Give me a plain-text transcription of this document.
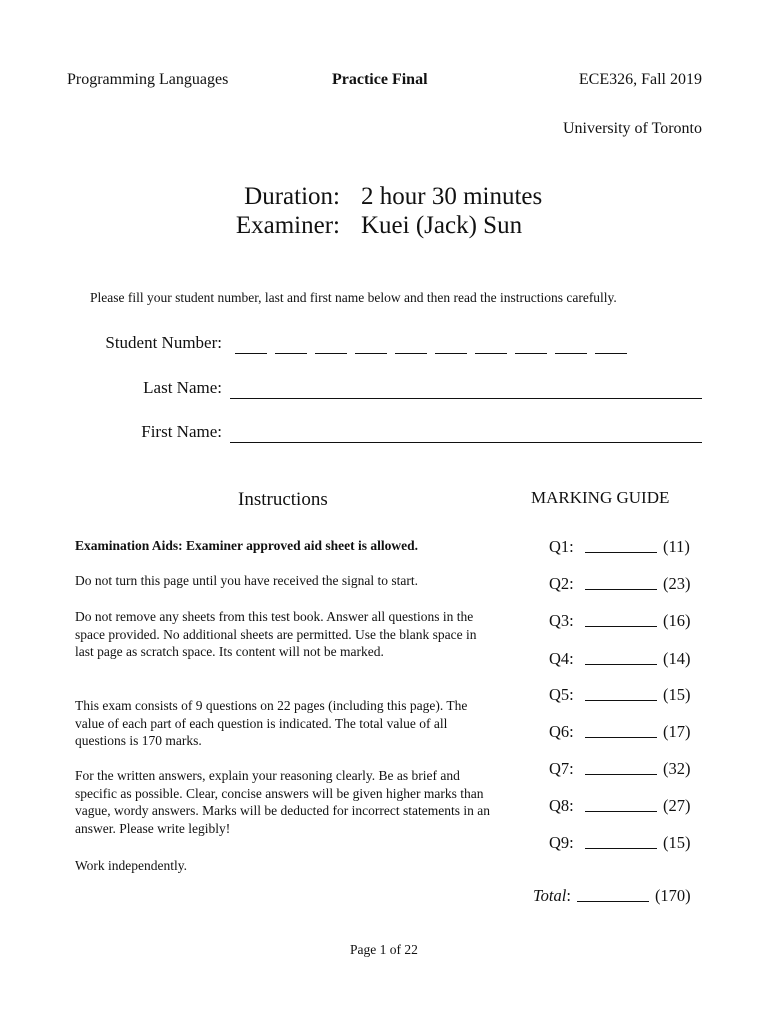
Programming Languages	Practice Final	ECE326, Fall 2019
University of Toronto
Duration: 2 hour 30 minutes
Examiner: Kuei (Jack) Sun
Please fill your student number, last and first name below and then read the instructions carefully.
Student Number:
Last Name:
First Name:
Instructions
Examination Aids: Examiner approved aid sheet is allowed.
Do not turn this page until you have received the signal to start.
Do not remove any sheets from this test book. Answer all questions in the space provided. No additional sheets are permitted. Use the blank space in last page as scratch space. Its content will not be marked.
This exam consists of 9 questions on 22 pages (including this page). The value of each part of each question is indicated. The total value of all questions is 170 marks.
For the written answers, explain your reasoning clearly. Be as brief and specific as possible. Clear, concise answers will be given higher marks than vague, wordy answers. Marks will be deducted for incorrect statements in an answer. Please write legibly!
Work independently.
MARKING GUIDE
Q1:	(11)
Q2:	(23)
Q3:	(16)
Q4:	(14)
Q5:	(15)
Q6:	(17)
Q7:	(32)
Q8:	(27)
Q9:	(15)
Total:	(170)
Page 1 of 22
